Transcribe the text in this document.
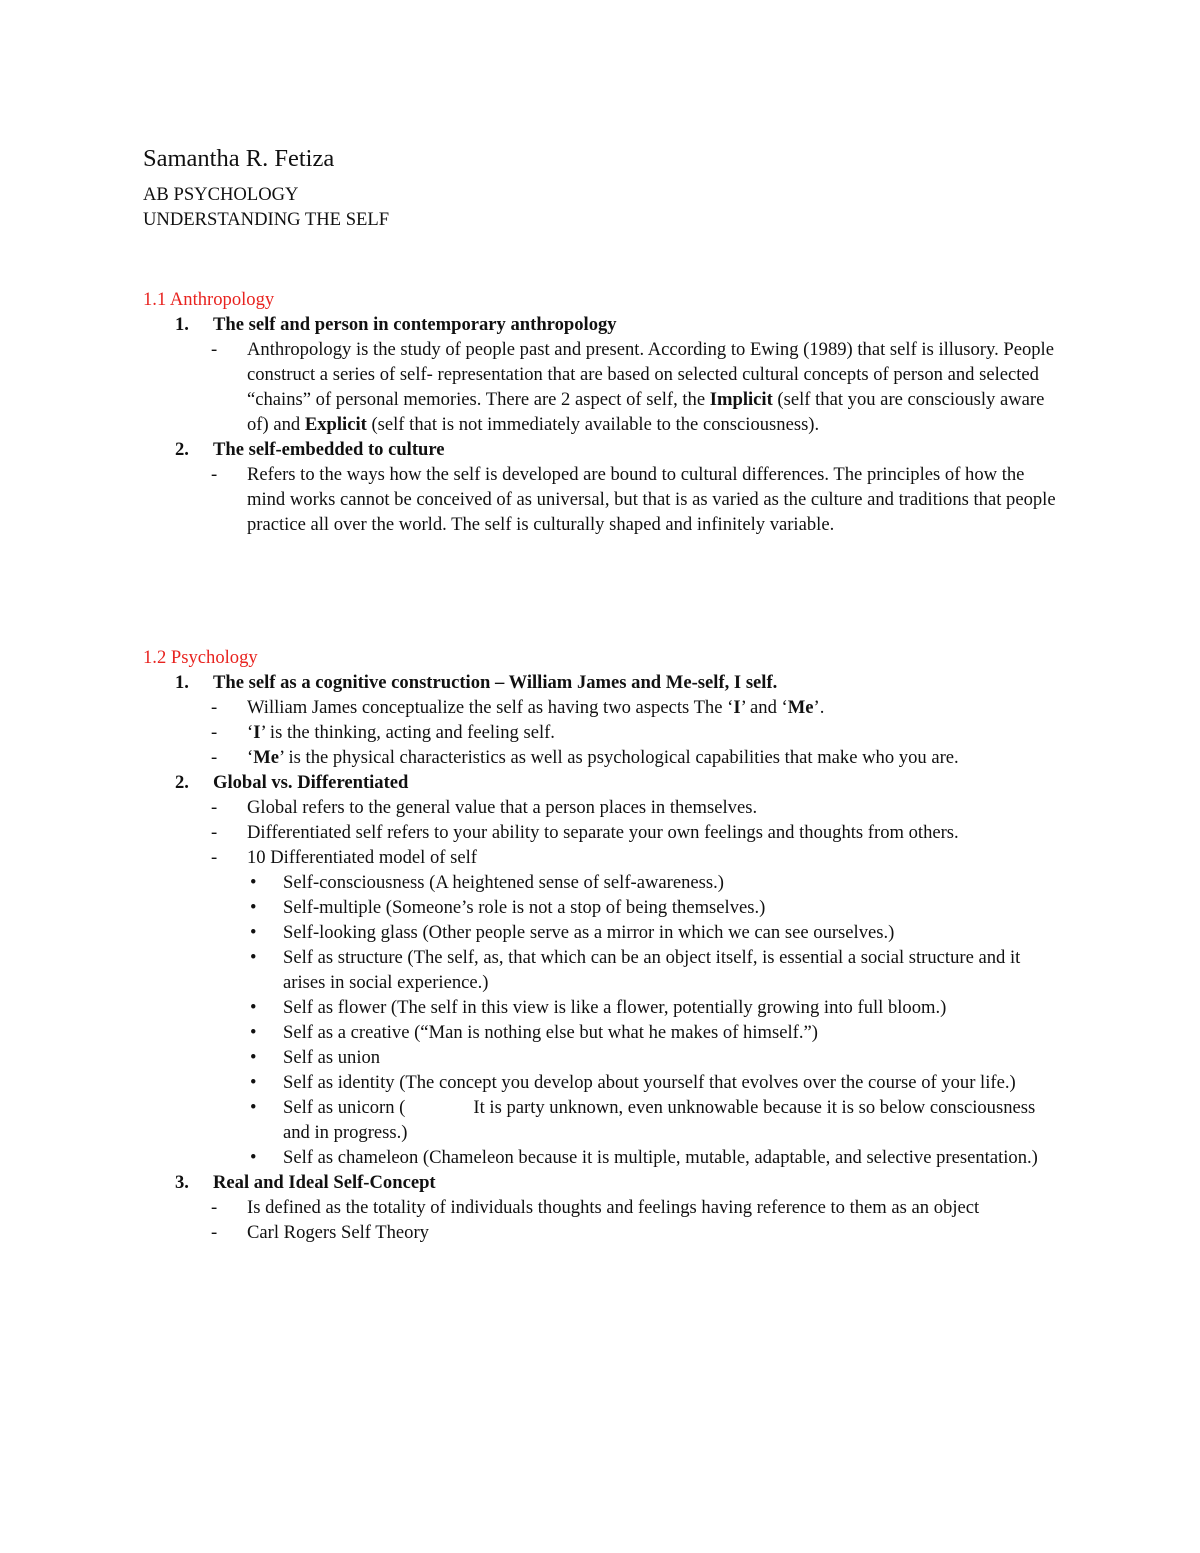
Samantha R. Fetiza
AB PSYCHOLOGY
UNDERSTANDING THE SELF
1.1 Anthropology
1. The self and person in contemporary anthropology
- Anthropology is the study of people past and present. According to Ewing (1989) that self is illusory. People construct a series of self- representation that are based on selected cultural concepts of person and selected “chains” of personal memories. There are 2 aspect of self, the Implicit (self that you are consciously aware of) and Explicit (self that is not immediately available to the consciousness).
2. The self-embedded to culture
- Refers to the ways how the self is developed are bound to cultural differences. The principles of how the mind works cannot be conceived of as universal, but that is as varied as the culture and traditions that people practice all over the world. The self is culturally shaped and infinitely variable.
1.2 Psychology
1. The self as a cognitive construction – William James and Me-self, I self.
- William James conceptualize the self as having two aspects The ‘I’ and ‘Me’.
- ‘I’ is the thinking, acting and feeling self.
- ‘Me’ is the physical characteristics as well as psychological capabilities that make who you are.
2. Global vs. Differentiated
- Global refers to the general value that a person places in themselves.
- Differentiated self refers to your ability to separate your own feelings and thoughts from others.
- 10 Differentiated model of self
• Self-consciousness (A heightened sense of self-awareness.)
• Self-multiple (Someone’s role is not a stop of being themselves.)
• Self-looking glass (Other people serve as a mirror in which we can see ourselves.)
• Self as structure (The self, as, that which can be an object itself, is essential a social structure and it arises in social experience.)
• Self as flower (The self in this view is like a flower, potentially growing into full bloom.)
• Self as a creative (“Man is nothing else but what he makes of himself.”)
• Self as union
• Self as identity (The concept you develop about yourself that evolves over the course of your life.)
• Self as unicorn (	It is party unknown, even unknowable because it is so below consciousness and in progress.)
• Self as chameleon (Chameleon because it is multiple, mutable, adaptable, and selective presentation.)
3. Real and Ideal Self-Concept
- Is defined as the totality of individuals thoughts and feelings having reference to them as an object
- Carl Rogers Self Theory
